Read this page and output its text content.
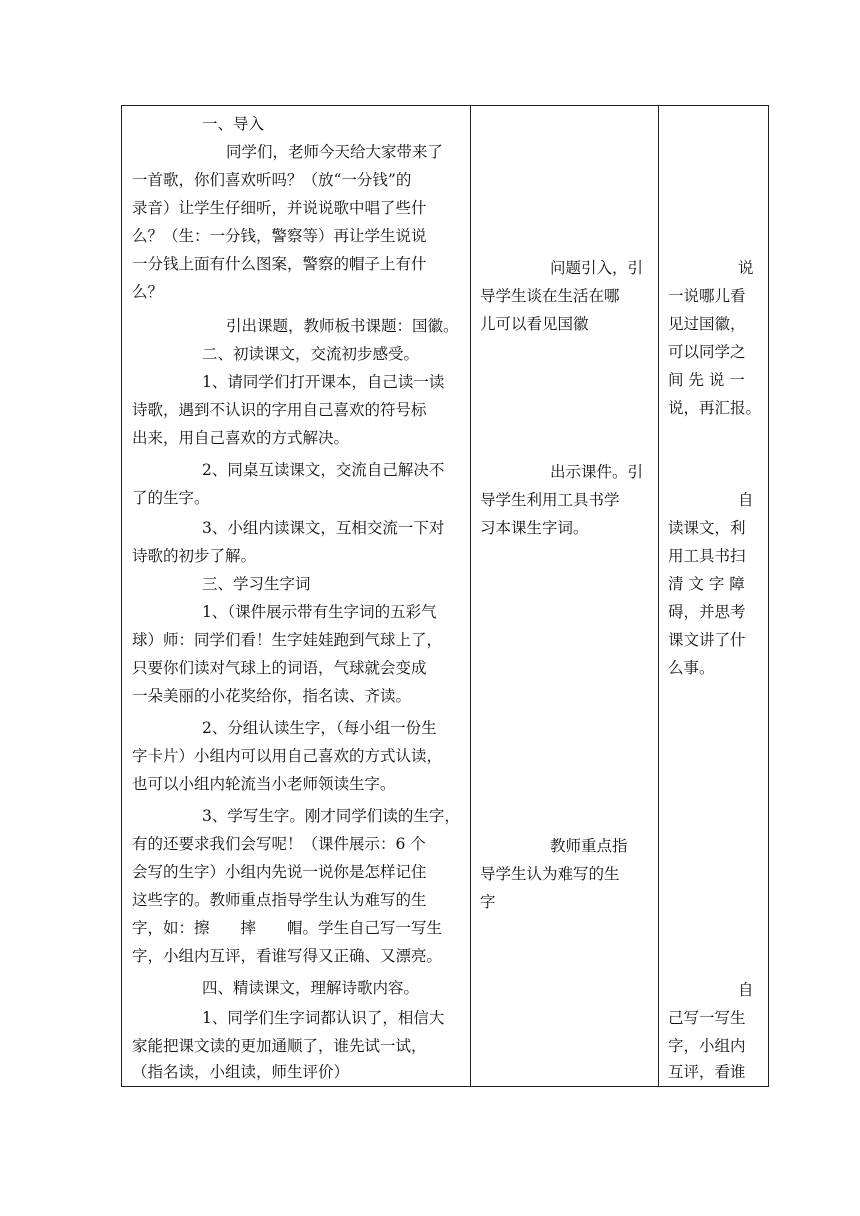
一、导入
同学们，老师今天给大家带来了
一首歌，你们喜欢听吗？（放“一分钱”的
录音）让学生仔细听，并说说歌中唱了些什
么？（生：一分钱，警察等）再让学生说说
一分钱上面有什么图案，警察的帽子上有什
么？
引出课题，教师板书课题：国徽。
二、初读课文，交流初步感受。
1、请同学们打开课本，自己读一读
诗歌，遇到不认识的字用自己喜欢的符号标
出来，用自己喜欢的方式解决。
2、同桌互读课文，交流自己解决不
了的生字。
3、小组内读课文，互相交流一下对
诗歌的初步了解。
三、学习生字词
1、（课件展示带有生字词的五彩气
球）师：同学们看！生字娃娃跑到气球上了，
只要你们读对气球上的词语，气球就会变成
一朵美丽的小花奖给你，指名读、齐读。
2、分组认读生字，（每小组一份生
字卡片）小组内可以用自己喜欢的方式认读，
也可以小组内轮流当小老师领读生字。
3、学写生字。刚才同学们读的生字，
有的还要求我们会写呢！（课件展示：6 个
会写的生字）小组内先说一说你是怎样记住
这些字的。教师重点指导学生认为难写的生
字，如：擦　　摔　　帽。学生自己写一写生
字，小组内互评，看谁写得又正确、又漂亮。
四、精读课文，理解诗歌内容。
1、同学们生字词都认识了，相信大
家能把课文读的更加通顺了，谁先试一试，
（指名读，小组读，师生评价）
问题引入，引
导学生谈在生活在哪
儿可以看见国徽
出示课件。引
导学生利用工具书学
习本课生字词。
教师重点指
导学生认为难写的生
字
说
一说哪儿看
见过国徽，
可以同学之
间 先 说 一
说，再汇报。
自
读课文，利
用工具书扫
清 文 字 障
碍，并思考
课文讲了什
么事。
自
己写一写生
字，小组内
互评，看谁
